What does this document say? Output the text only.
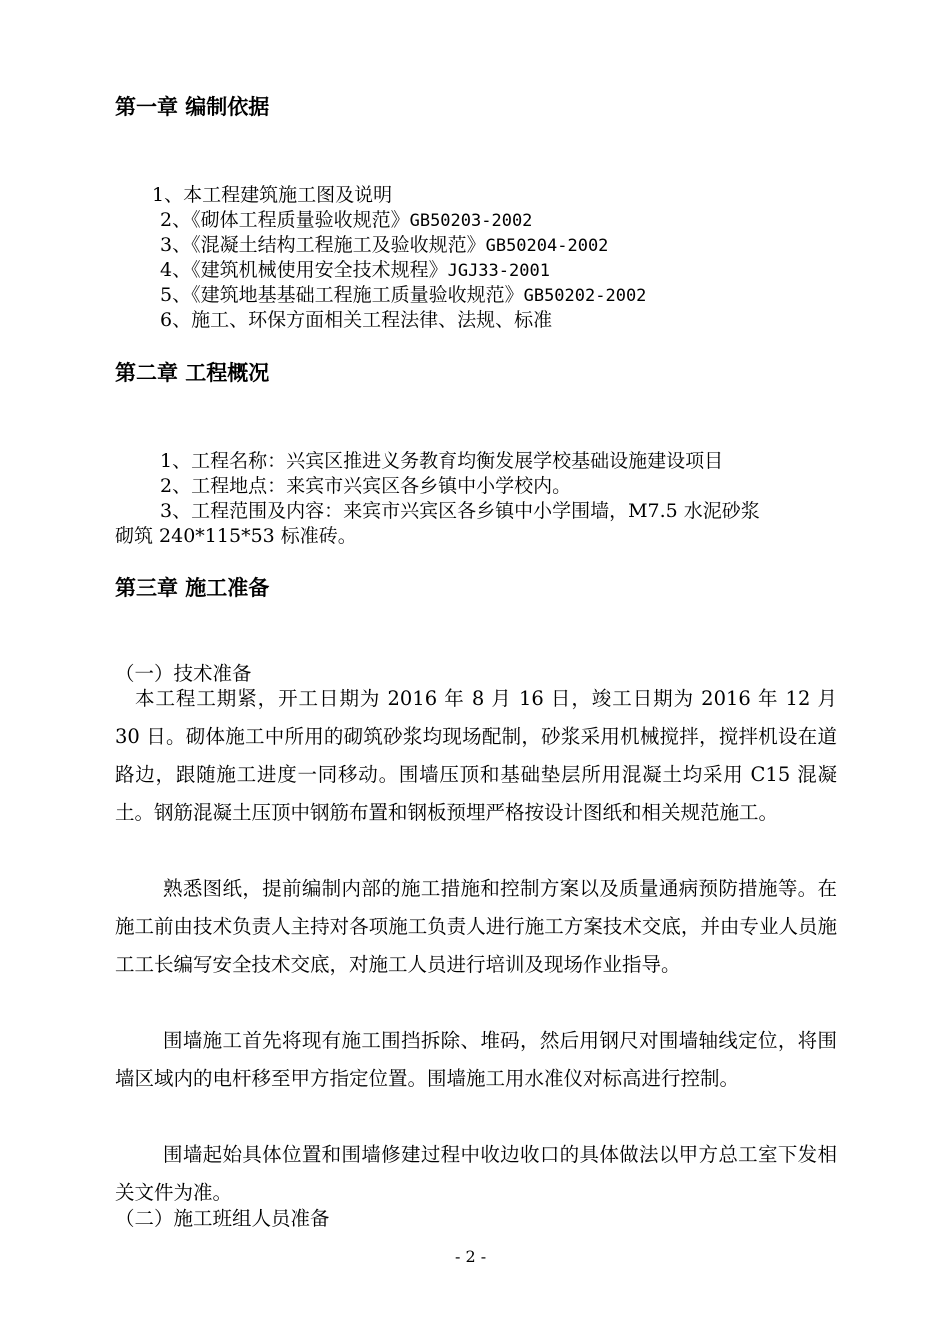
第一章 编制依据
1、本工程建筑施工图及说明
2、《砌体工程质量验收规范》GB50203-2002
3、《混凝土结构工程施工及验收规范》GB50204-2002
4、《建筑机械使用安全技术规程》JGJ33-2001
5、《建筑地基基础工程施工质量验收规范》GB50202-2002
6、施工、环保方面相关工程法律、法规、标准
第二章 工程概况
1、工程名称：兴宾区推进义务教育均衡发展学校基础设施建设项目
2、工程地点：来宾市兴宾区各乡镇中小学校内。
3、工程范围及内容：来宾市兴宾区各乡镇中小学围墙，M7.5 水泥砂浆
砌筑 240*115*53 标准砖。
第三章 施工准备
（一）技术准备
本工程工期紧，开工日期为 2016 年 8 月 16 日，竣工日期为 2016 年 12 月 30 日。砌体施工中所用的砌筑砂浆均现场配制，砂浆采用机械搅拌，搅拌机设在道路边，跟随施工进度一同移动。围墙压顶和基础垫层所用混凝土均采用 C15 混凝土。钢筋混凝土压顶中钢筋布置和钢板预埋严格按设计图纸和相关规范施工。
熟悉图纸，提前编制内部的施工措施和控制方案以及质量通病预防措施等。在施工前由技术负责人主持对各项施工负责人进行施工方案技术交底，并由专业人员施工工长编写安全技术交底，对施工人员进行培训及现场作业指导。
围墙施工首先将现有施工围挡拆除、堆码，然后用钢尺对围墙轴线定位，将围墙区域内的电杆移至甲方指定位置。围墙施工用水准仪对标高进行控制。
围墙起始具体位置和围墙修建过程中收边收口的具体做法以甲方总工室下发相关文件为准。
（二）施工班组人员准备
- 2 -
